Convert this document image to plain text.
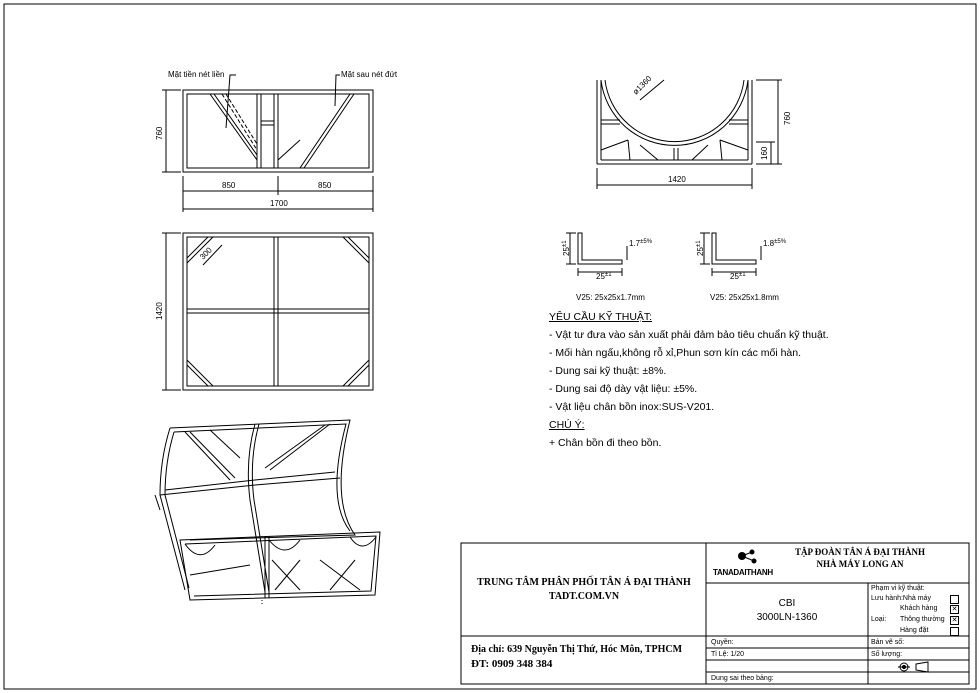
Mặt tiền nét liền	Mặt sau nét đứt
760
850	850
1700
1420
300
ø1360
760
160
1420
$25^{\pm 1}$
$25^{\pm 1}$
$1.7^{\pm 5\%}$
V25: 25x25x1.7mm
$25^{\pm 1}$
$25^{\pm 1}$
$1.8^{\pm 5\%}$
V25: 25x25x1.8mm
YÊU CẦU KỸ THUẬT:
- Vật tư đưa vào sản xuất phải đảm bảo tiêu chuẩn kỹ thuật.
- Mối hàn ngấu,không rỗ xỉ,Phun sơn kín các mối hàn.
- Dung sai kỹ thuật: ±8%.
- Dung sai độ dày vật liệu: ±5%.
- Vật liệu chân bồn inox:SUS-V201.
CHÚ Ý:
+ Chân bồn đi theo bồn.
TRUNG TÂM PHÂN PHỐI TÂN Á ĐẠI THÀNH
TADT.COM.VN
Địa chỉ: 639 Nguyễn Thị Thứ, Hóc Môn, TPHCM
ĐT: 0909 348 384
TANADAITHANH
TẬP ĐOÀN TÂN Á ĐẠI THÀNH
NHÀ MÁY LONG AN
CBI
3000LN-1360
Phạm vi kỹ thuật:
Lưu hành:Nhà máy
Khách hàng ✕
Loại: Thông thường ✕
Hàng đặt
Quyền:
Tỉ Lệ: 1/20
Dung sai theo bảng:
Bản vẽ số:
Số lượng:
